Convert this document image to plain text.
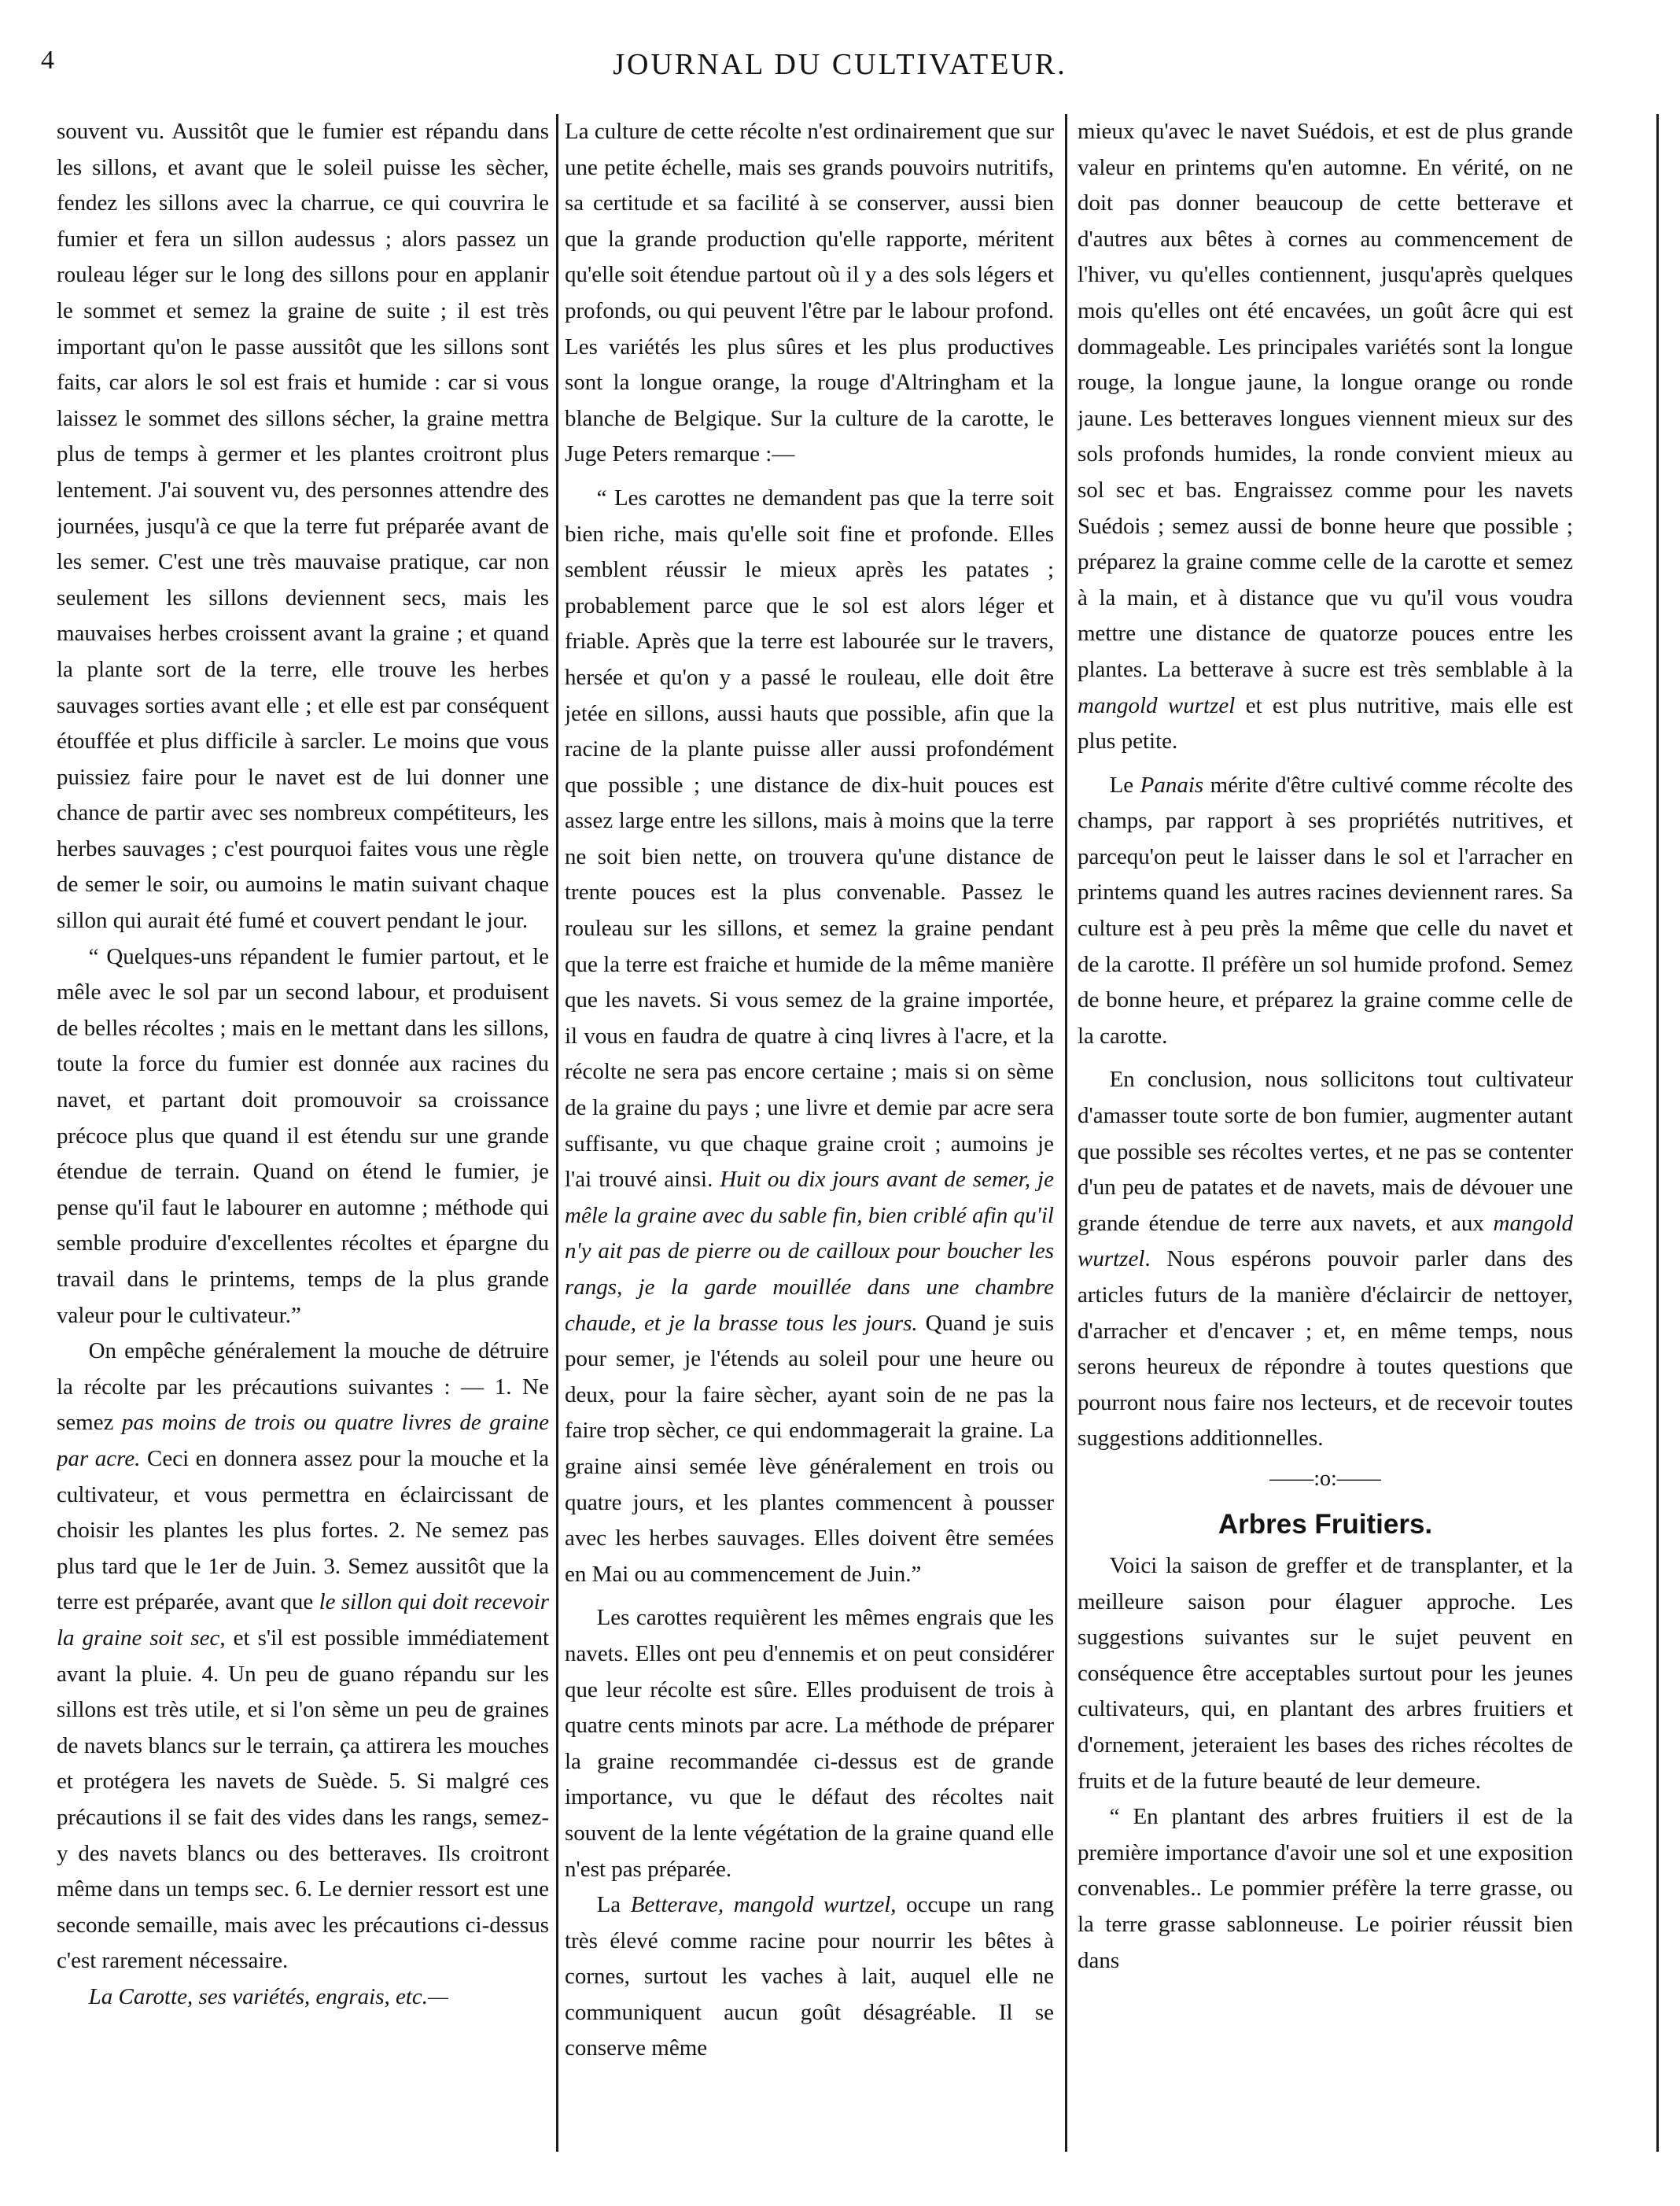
4	JOURNAL DU CULTIVATEUR.

souvent vu. Aussitôt que le fumier est répandu dans les sillons, et avant que le soleil puisse les sècher, fendez les sillons avec la charrue, ce qui couvrira le fumier et fera un sillon audessus ; alors passez un rouleau léger sur le long des sillons pour en applanir le sommet et semez la graine de suite ; il est très important qu'on le passe aussitôt que les sillons sont faits, car alors le sol est frais et humide : car si vous laissez le sommet des sillons sécher, la graine mettra plus de temps à germer et les plantes croitront plus lentement. J'ai souvent vu, des personnes attendre des journées, jusqu'à ce que la terre fut préparée avant de les semer. C'est une très mauvaise pratique, car non seulement les sillons deviennent secs, mais les mauvaises herbes croissent avant la graine ; et quand la plante sort de la terre, elle trouve les herbes sauvages sorties avant elle ; et elle est par conséquent étouffée et plus difficile à sarcler. Le moins que vous puissiez faire pour le navet est de lui donner une chance de partir avec ses nombreux compétiteurs, les herbes sauvages ; c'est pourquoi faites vous une règle de semer le soir, ou aumoins le matin suivant chaque sillon qui aurait été fumé et couvert pendant le jour.

“ Quelques-uns répandent le fumier partout, et le mêle avec le sol par un second labour, et produisent de belles récoltes ; mais en le mettant dans les sillons, toute la force du fumier est donnée aux racines du navet, et partant doit promouvoir sa croissance précoce plus que quand il est étendu sur une grande étendue de terrain. Quand on étend le fumier, je pense qu'il faut le labourer en automne ; méthode qui semble produire d'excellentes récoltes et épargne du travail dans le printems, temps de la plus grande valeur pour le cultivateur.”

On empêche généralement la mouche de détruire la récolte par les précautions suivantes : — 1. Ne semez pas moins de trois ou quatre livres de graine par acre. Ceci en donnera assez pour la mouche et la cultivateur, et vous permettra en éclaircissant de choisir les plantes les plus fortes. 2. Ne semez pas plus tard que le 1er de Juin. 3. Semez aussitôt que la terre est préparée, avant que le sillon qui doit recevoir la graine soit sec, et s'il est possible immédiatement avant la pluie. 4. Un peu de guano répandu sur les sillons est très utile, et si l'on sème un peu de graines de navets blancs sur le terrain, ça attirera les mouches et protégera les navets de Suède. 5. Si malgré ces précautions il se fait des vides dans les rangs, semez-y des navets blancs ou des betteraves. Ils croitront même dans un temps sec. 6. Le dernier ressort est une seconde semaille, mais avec les précautions ci-dessus c'est rarement nécessaire.

La Carotte, ses variétés, engrais, etc.—

La culture de cette récolte n'est ordinairement que sur une petite échelle, mais ses grands pouvoirs nutritifs, sa certitude et sa facilité à se conserver, aussi bien que la grande production qu'elle rapporte, méritent qu'elle soit étendue partout où il y a des sols légers et profonds, ou qui peuvent l'être par le labour profond. Les variétés les plus sûres et les plus productives sont la longue orange, la rouge d'Altringham et la blanche de Belgique. Sur la culture de la carotte, le Juge Peters remarque :—

“ Les carottes ne demandent pas que la terre soit bien riche, mais qu'elle soit fine et profonde. Elles semblent réussir le mieux après les patates ; probablement parce que le sol est alors léger et friable. Après que la terre est labourée sur le travers, hersée et qu'on y a passé le rouleau, elle doit être jetée en sillons, aussi hauts que possible, afin que la racine de la plante puisse aller aussi profondément que possible ; une distance de dix-huit pouces est assez large entre les sillons, mais à moins que la terre ne soit bien nette, on trouvera qu'une distance de trente pouces est la plus convenable. Passez le rouleau sur les sillons, et semez la graine pendant que la terre est fraiche et humide de la même manière que les navets. Si vous semez de la graine importée, il vous en faudra de quatre à cinq livres à l'acre, et la récolte ne sera pas encore certaine ; mais si on sème de la graine du pays ; une livre et demie par acre sera suffisante, vu que chaque graine croit ; aumoins je l'ai trouvé ainsi. Huit ou dix jours avant de semer, je mêle la graine avec du sable fin, bien criblé afin qu'il n'y ait pas de pierre ou de cailloux pour boucher les rangs, je la garde mouillée dans une chambre chaude, et je la brasse tous les jours. Quand je suis pour semer, je l'étends au soleil pour une heure ou deux, pour la faire sècher, ayant soin de ne pas la faire trop sècher, ce qui endommagerait la graine. La graine ainsi semée lève généralement en trois ou quatre jours, et les plantes commencent à pousser avec les herbes sauvages. Elles doivent être semées en Mai ou au commencement de Juin.”

Les carottes requièrent les mêmes engrais que les navets. Elles ont peu d'ennemis et on peut considérer que leur récolte est sûre. Elles produisent de trois à quatre cents minots par acre. La méthode de préparer la graine recommandée ci-dessus est de grande importance, vu que le défaut des récoltes nait souvent de la lente végétation de la graine quand elle n'est pas préparée.

La Betterave, mangold wurtzel, occupe un rang très élevé comme racine pour nourrir les bêtes à cornes, surtout les vaches à lait, auquel elle ne communiquent aucun goût désagréable. Il se conserve même

mieux qu'avec le navet Suédois, et est de plus grande valeur en printems qu'en automne. En vérité, on ne doit pas donner beaucoup de cette betterave et d'autres aux bêtes à cornes au commencement de l'hiver, vu qu'elles contiennent, jusqu'après quelques mois qu'elles ont été encavées, un goût âcre qui est dommageable. Les principales variétés sont la longue rouge, la longue jaune, la longue orange ou ronde jaune. Les betteraves longues viennent mieux sur des sols profonds humides, la ronde convient mieux au sol sec et bas. Engraissez comme pour les navets Suédois ; semez aussi de bonne heure que possible ; préparez la graine comme celle de la carotte et semez à la main, et à distance que vu qu'il vous voudra mettre une distance de quatorze pouces entre les plantes. La betterave à sucre est très semblable à la mangold wurtzel et est plus nutritive, mais elle est plus petite.

Le Panais mérite d'être cultivé comme récolte des champs, par rapport à ses propriétés nutritives, et parcequ'on peut le laisser dans le sol et l'arracher en printems quand les autres racines deviennent rares. Sa culture est à peu près la même que celle du navet et de la carotte. Il préfère un sol humide profond. Semez de bonne heure, et préparez la graine comme celle de la carotte.

En conclusion, nous sollicitons tout cultivateur d'amasser toute sorte de bon fumier, augmenter autant que possible ses récoltes vertes, et ne pas se contenter d'un peu de patates et de navets, mais de dévouer une grande étendue de terre aux navets, et aux mangold wurtzel. Nous espérons pouvoir parler dans des articles futurs de la manière d'éclaircir de nettoyer, d'arracher et d'encaver ; et, en même temps, nous serons heureux de répondre à toutes questions que pourront nous faire nos lecteurs, et de recevoir toutes suggestions additionnelles.

——:o:——
Arbres Fruitiers.

Voici la saison de greffer et de transplanter, et la meilleure saison pour élaguer approche. Les suggestions suivantes sur le sujet peuvent en conséquence être acceptables surtout pour les jeunes cultivateurs, qui, en plantant des arbres fruitiers et d'ornement, jeteraient les bases des riches récoltes de fruits et de la future beauté de leur demeure.

“ En plantant des arbres fruitiers il est de la première importance d'avoir une sol et une exposition convenables.. Le pommier préfère la terre grasse, ou la terre grasse sablonneuse. Le poirier réussit bien dans
